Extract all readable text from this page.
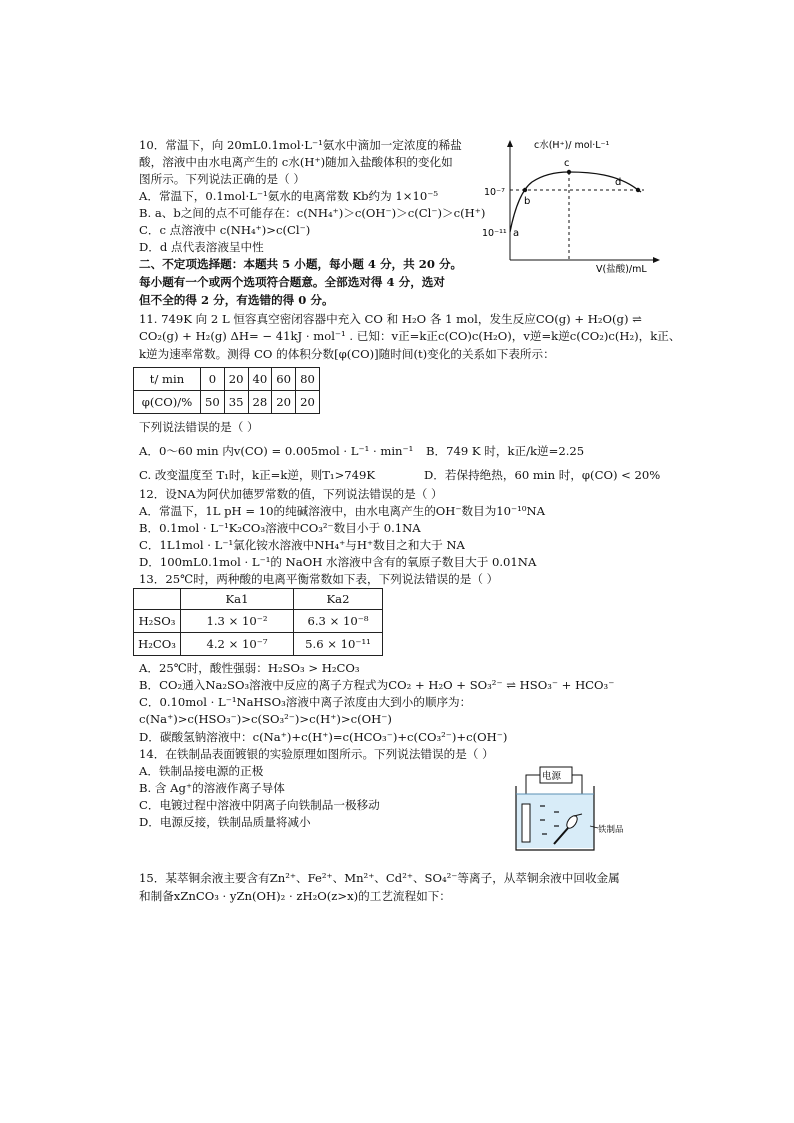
10．常温下，向 20mL0.1mol·L⁻¹氨水中滴加一定浓度的稀盐
酸，溶液中由水电离产生的 c水(H⁺)随加入盐酸体积的变化如
图所示。下列说法正确的是（ ）
A．常温下，0.1mol·L⁻¹氨水的电离常数 Kb约为 1×10⁻⁵
B. a、b之间的点不可能存在：c(NH₄⁺)＞c(OH⁻)＞c(Cl⁻)＞c(H⁺)
C．c 点溶液中 c(NH₄⁺)>c(Cl⁻)
D．d 点代表溶液呈中性
c水(H⁺)/ mol·L⁻¹
V(盐酸)/mL
10⁻⁷
10⁻¹¹ a
b
c
d
二、不定项选择题：本题共 5 小题，每小题 4 分，共 20 分。
每小题有一个或两个选项符合题意。全部选对得 4 分，选对
但不全的得 2 分，有选错的得 0 分。
11. 749K 向 2 L 恒容真空密闭容器中充入 CO 和 H₂O 各 1 mol，发生反应CO(g) + H₂O(g) ⇌
CO₂(g) + H₂(g) ΔH= − 41kJ · mol⁻¹ . 已知：v正=k正c(CO)c(H₂O)，v逆=k逆c(CO₂)c(H₂)，k正、
k逆为速率常数。测得 CO 的体积分数[φ(CO)]随时间(t)变化的关系如下表所示：
t/ min	0	20	40	60	80
φ(CO)/%	50	35	28	20	20
下列说法错误的是（ ）
A．0～60 min 内v(CO) = 0.005mol · L⁻¹ · min⁻¹ B．749 K 时，k正/k逆=2.25
C. 改变温度至 T₁时，k正=k逆，则T₁>749K	D．若保持绝热，60 min 时，φ(CO) < 20%
12．设NA为阿伏加德罗常数的值，下列说法错误的是（ ）
A．常温下，1L pH = 10的纯碱溶液中，由水电离产生的OH⁻数目为10⁻¹⁰NA
B．0.1mol · L⁻¹K₂CO₃溶液中CO₃²⁻数目小于 0.1NA
C．1L1mol · L⁻¹氯化铵水溶液中NH₄⁺与H⁺数目之和大于 NA
D．100mL0.1mol · L⁻¹的 NaOH 水溶液中含有的氧原子数目大于 0.01NA
13．25℃时，两种酸的电离平衡常数如下表，下列说法错误的是（ ）
	Ka1	Ka2
H₂SO₃	1.3 × 10⁻²	6.3 × 10⁻⁸
H₂CO₃	4.2 × 10⁻⁷	5.6 × 10⁻¹¹
A．25℃时，酸性强弱：H₂SO₃ > H₂CO₃
B．CO₂通入Na₂SO₃溶液中反应的离子方程式为CO₂ + H₂O + SO₃²⁻ ⇌ HSO₃⁻ + HCO₃⁻
C．0.10mol · L⁻¹NaHSO₃溶液中离子浓度由大到小的顺序为：
c(Na⁺)>c(HSO₃⁻)>c(SO₃²⁻)>c(H⁺)>c(OH⁻)
D．碳酸氢钠溶液中：c(Na⁺)+c(H⁺)=c(HCO₃⁻)+c(CO₃²⁻)+c(OH⁻)
14．在铁制品表面镀银的实验原理如图所示。下列说法错误的是（ ）
A．铁制品接电源的正极
B. 含 Ag⁺的溶液作离子导体
C．电镀过程中溶液中阴离子向铁制品一极移动
D．电源反接，铁制品质量将减小
电源
铁制品
15．某萃铜余液主要含有Zn²⁺、Fe²⁺、Mn²⁺、Cd²⁺、SO₄²⁻等离子，从萃铜余液中回收金属
和制备xZnCO₃ · yZn(OH)₂ · zH₂O(z>x)的工艺流程如下：
